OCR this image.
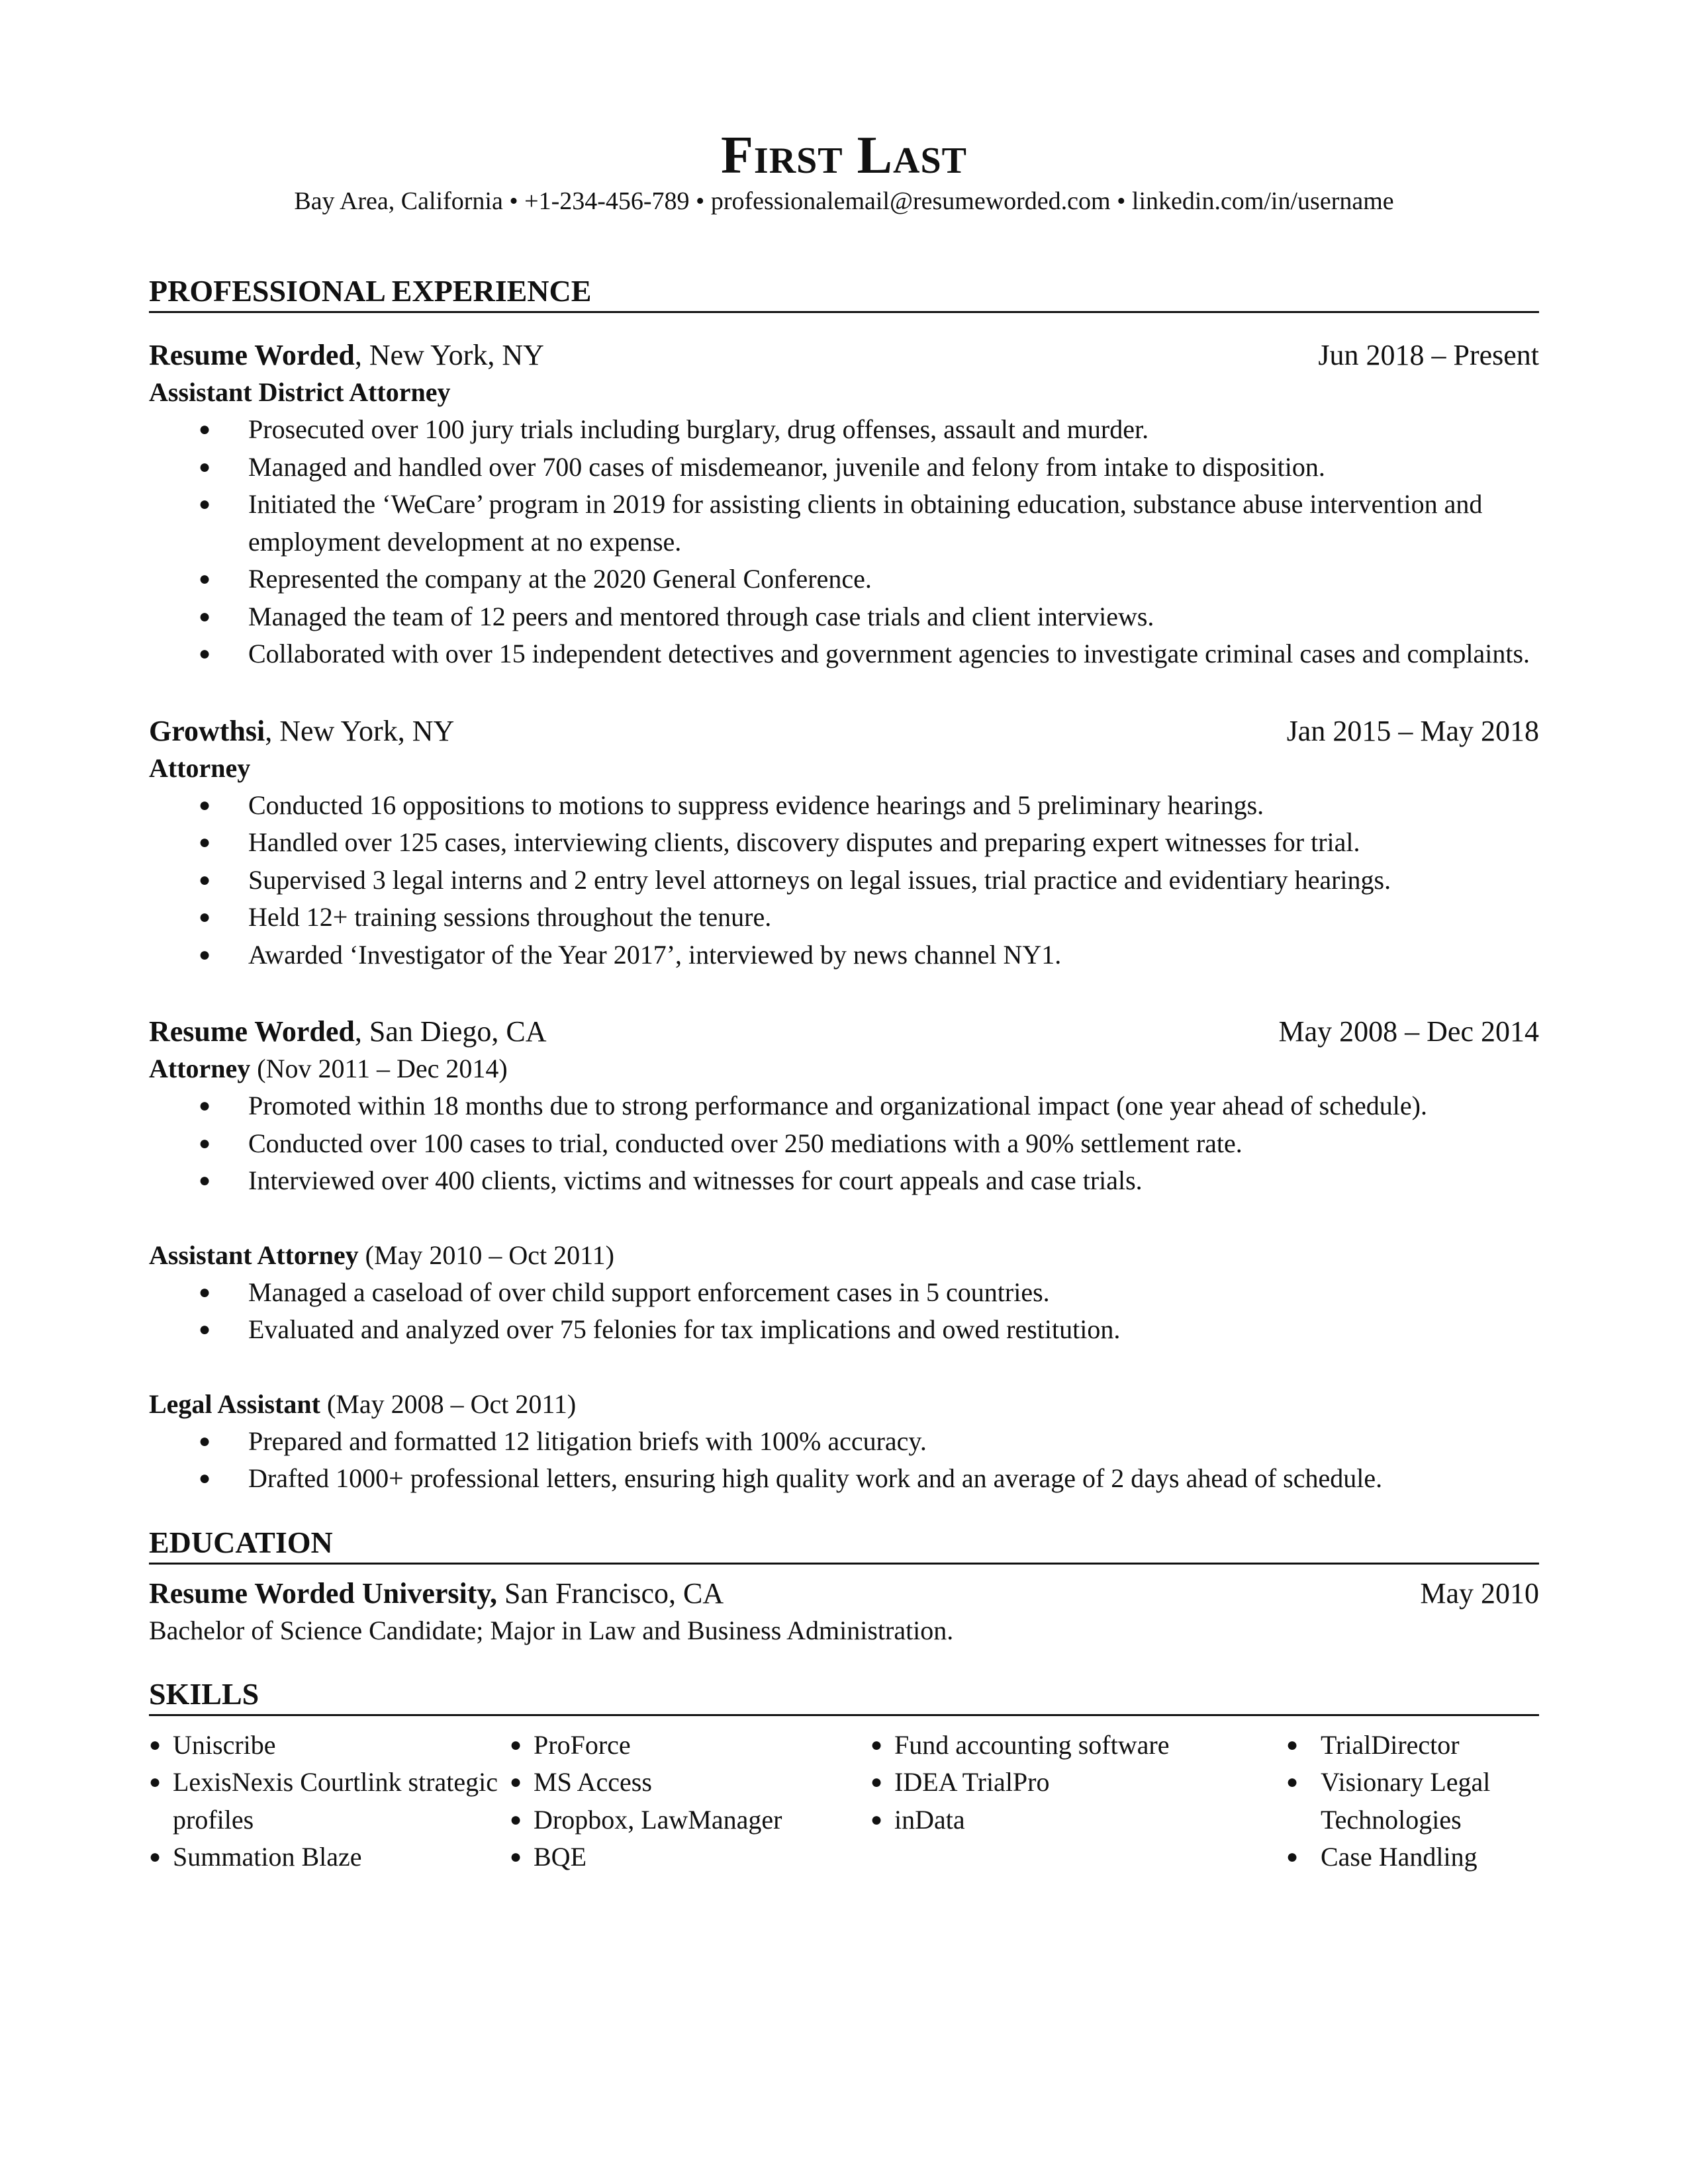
First Last
Bay Area, California • +1-234-456-789 • professionalemail@resumeworded.com • linkedin.com/in/username
PROFESSIONAL EXPERIENCE
Resume Worded, New York, NY	Jun 2018 – Present
Assistant District Attorney
● Prosecuted over 100 jury trials including burglary, drug offenses, assault and murder.
● Managed and handled over 700 cases of misdemeanor, juvenile and felony from intake to disposition.
● Initiated the ‘WeCare’ program in 2019 for assisting clients in obtaining education, substance abuse intervention and employment development at no expense.
● Represented the company at the 2020 General Conference.
● Managed the team of 12 peers and mentored through case trials and client interviews.
● Collaborated with over 15 independent detectives and government agencies to investigate criminal cases and complaints.
Growthsi, New York, NY	Jan 2015 – May 2018
Attorney
● Conducted 16 oppositions to motions to suppress evidence hearings and 5 preliminary hearings.
● Handled over 125 cases, interviewing clients, discovery disputes and preparing expert witnesses for trial.
● Supervised 3 legal interns and 2 entry level attorneys on legal issues, trial practice and evidentiary hearings.
● Held 12+ training sessions throughout the tenure.
● Awarded ‘Investigator of the Year 2017’, interviewed by news channel NY1.
Resume Worded, San Diego, CA	May 2008 – Dec 2014
Attorney (Nov 2011 – Dec 2014)
● Promoted within 18 months due to strong performance and organizational impact (one year ahead of schedule).
● Conducted over 100 cases to trial, conducted over 250 mediations with a 90% settlement rate.
● Interviewed over 400 clients, victims and witnesses for court appeals and case trials.
Assistant Attorney (May 2010 – Oct 2011)
● Managed a caseload of over child support enforcement cases in 5 countries.
● Evaluated and analyzed over 75 felonies for tax implications and owed restitution.
Legal Assistant (May 2008 – Oct 2011)
● Prepared and formatted 12 litigation briefs with 100% accuracy.
● Drafted 1000+ professional letters, ensuring high quality work and an average of 2 days ahead of schedule.
EDUCATION
Resume Worded University, San Francisco, CA	May 2010
Bachelor of Science Candidate; Major in Law and Business Administration.
SKILLS
● Uniscribe
● LexisNexis Courtlink strategic profiles
● Summation Blaze
● ProForce
● MS Access
● Dropbox, LawManager
● BQE
● Fund accounting software
● IDEA TrialPro
● inData
● TrialDirector
● Visionary Legal Technologies
● Case Handling
